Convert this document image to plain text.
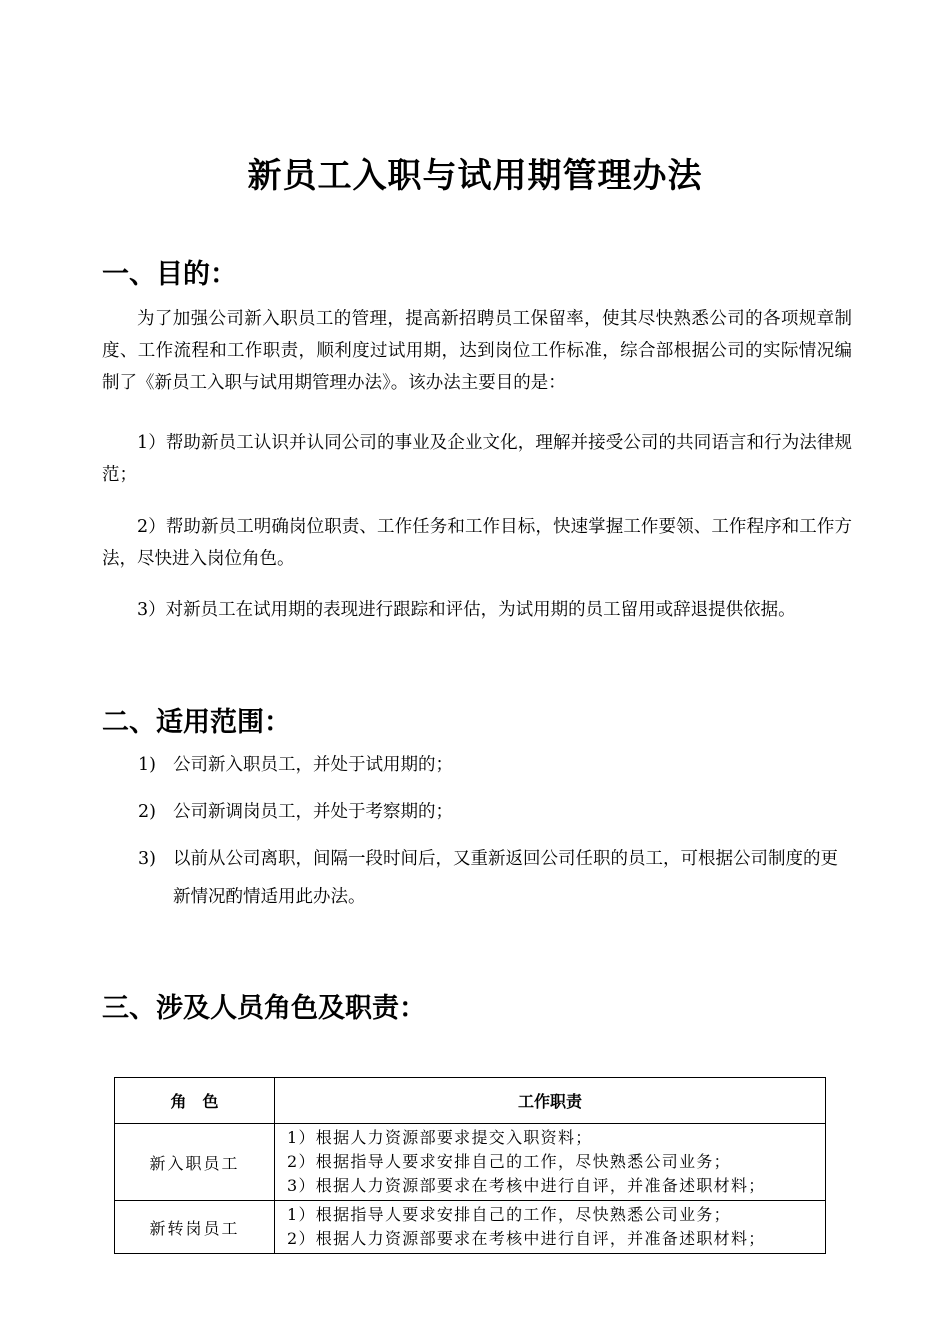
新员工入职与试用期管理办法
一、目的：

为了加强公司新入职员工的管理，提高新招聘员工保留率，使其尽快熟悉公司的各项规章制度、工作流程和工作职责，顺利度过试用期，达到岗位工作标准，综合部根据公司的实际情况编制了《新员工入职与试用期管理办法》。该办法主要目的是：

1）帮助新员工认识并认同公司的事业及企业文化，理解并接受公司的共同语言和行为法律规范；

2）帮助新员工明确岗位职责、工作任务和工作目标，快速掌握工作要领、工作程序和工作方法，尽快进入岗位角色。

3）对新员工在试用期的表现进行跟踪和评估，为试用期的员工留用或辞退提供依据。

二、适用范围：
1) 公司新入职员工，并处于试用期的；
2) 公司新调岗员工，并处于考察期的；
3) 以前从公司离职，间隔一段时间后，又重新返回公司任职的员工，可根据公司制度的更新情况酌情适用此办法。
三、涉及人员角色及职责：
角　色	工作职责
新入职员工	1）根据人力资源部要求提交入职资料；
2）根据指导人要求安排自己的工作，尽快熟悉公司业务；
3）根据人力资源部要求在考核中进行自评，并准备述职材料；

新转岗员工	1）根据指导人要求安排自己的工作，尽快熟悉公司业务；
2）根据人力资源部要求在考核中进行自评，并准备述职材料；
